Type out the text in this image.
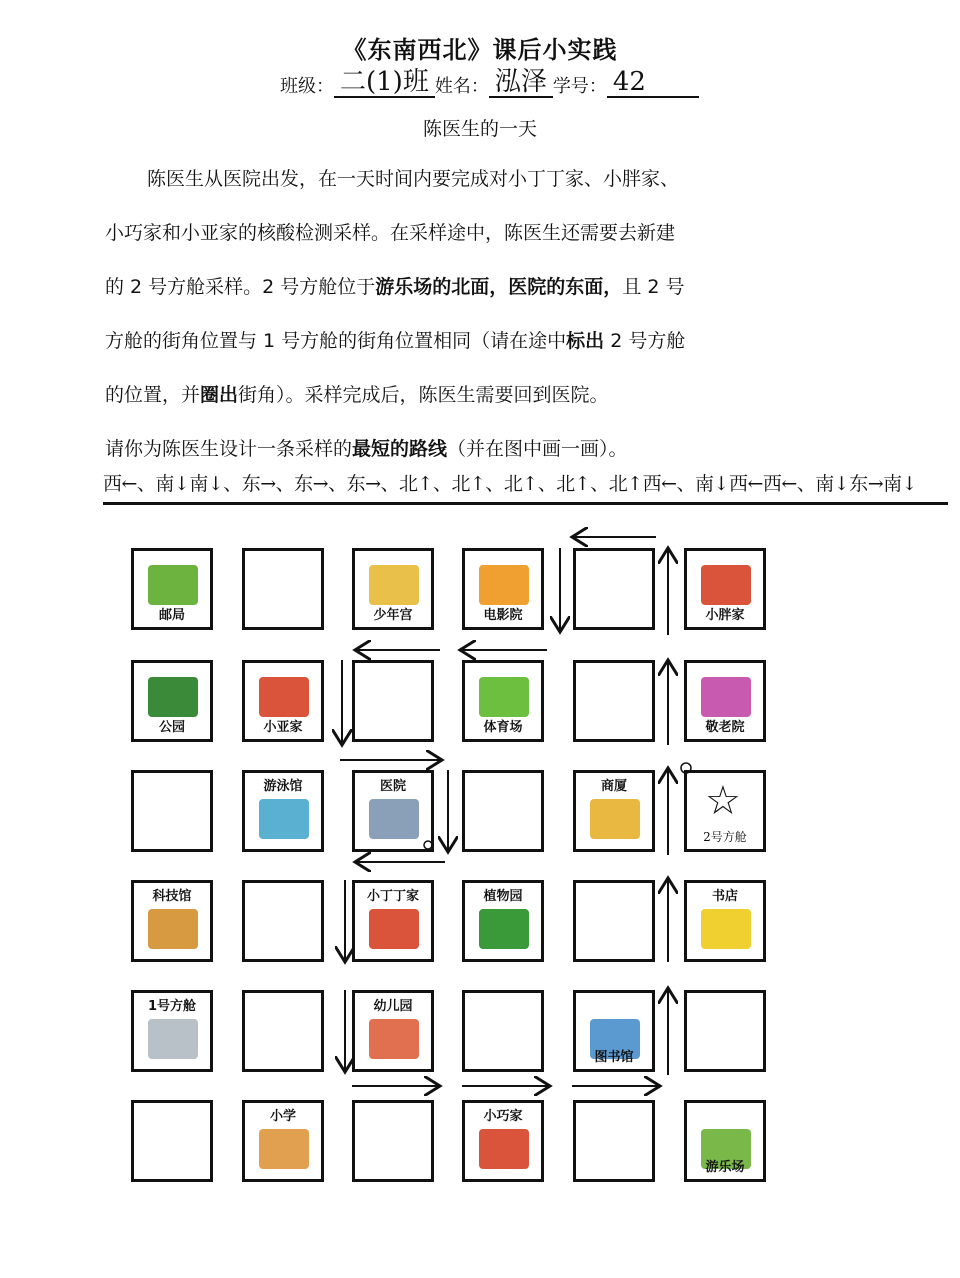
《东南西北》课后小实践
班级： 二(1)班 姓名： 泓泽 学号： 42
陈医生的一天

陈医生从医院出发，在一天时间内要完成对小丁丁家、小胖家、

小巧家和小亚家的核酸检测采样。在采样途中，陈医生还需要去新建

的 2 号方舱采样。2 号方舱位于游乐场的北面，医院的东面，且 2 号

方舱的街角位置与 1 号方舱的街角位置相同（请在途中标出 2 号方舱

的位置，并圈出街角）。采样完成后，陈医生需要回到医院。

请你为陈医生设计一条采样的最短的路线（并在图中画一画）。

西←、南↓南↓、东→、东→、东→、北↑、北↑、北↑、北↑、北↑西←、南↓西←西←、南↓东→南↓
邮局	少年宫	电影院	小胖家
公园	小亚家	体育场	敬老院
游泳馆	医院	商厦	☆
2号方舱
科技馆	小丁丁家	植物园	书店
1号方舱	幼儿园
图书馆
小学	小巧家
游乐场
